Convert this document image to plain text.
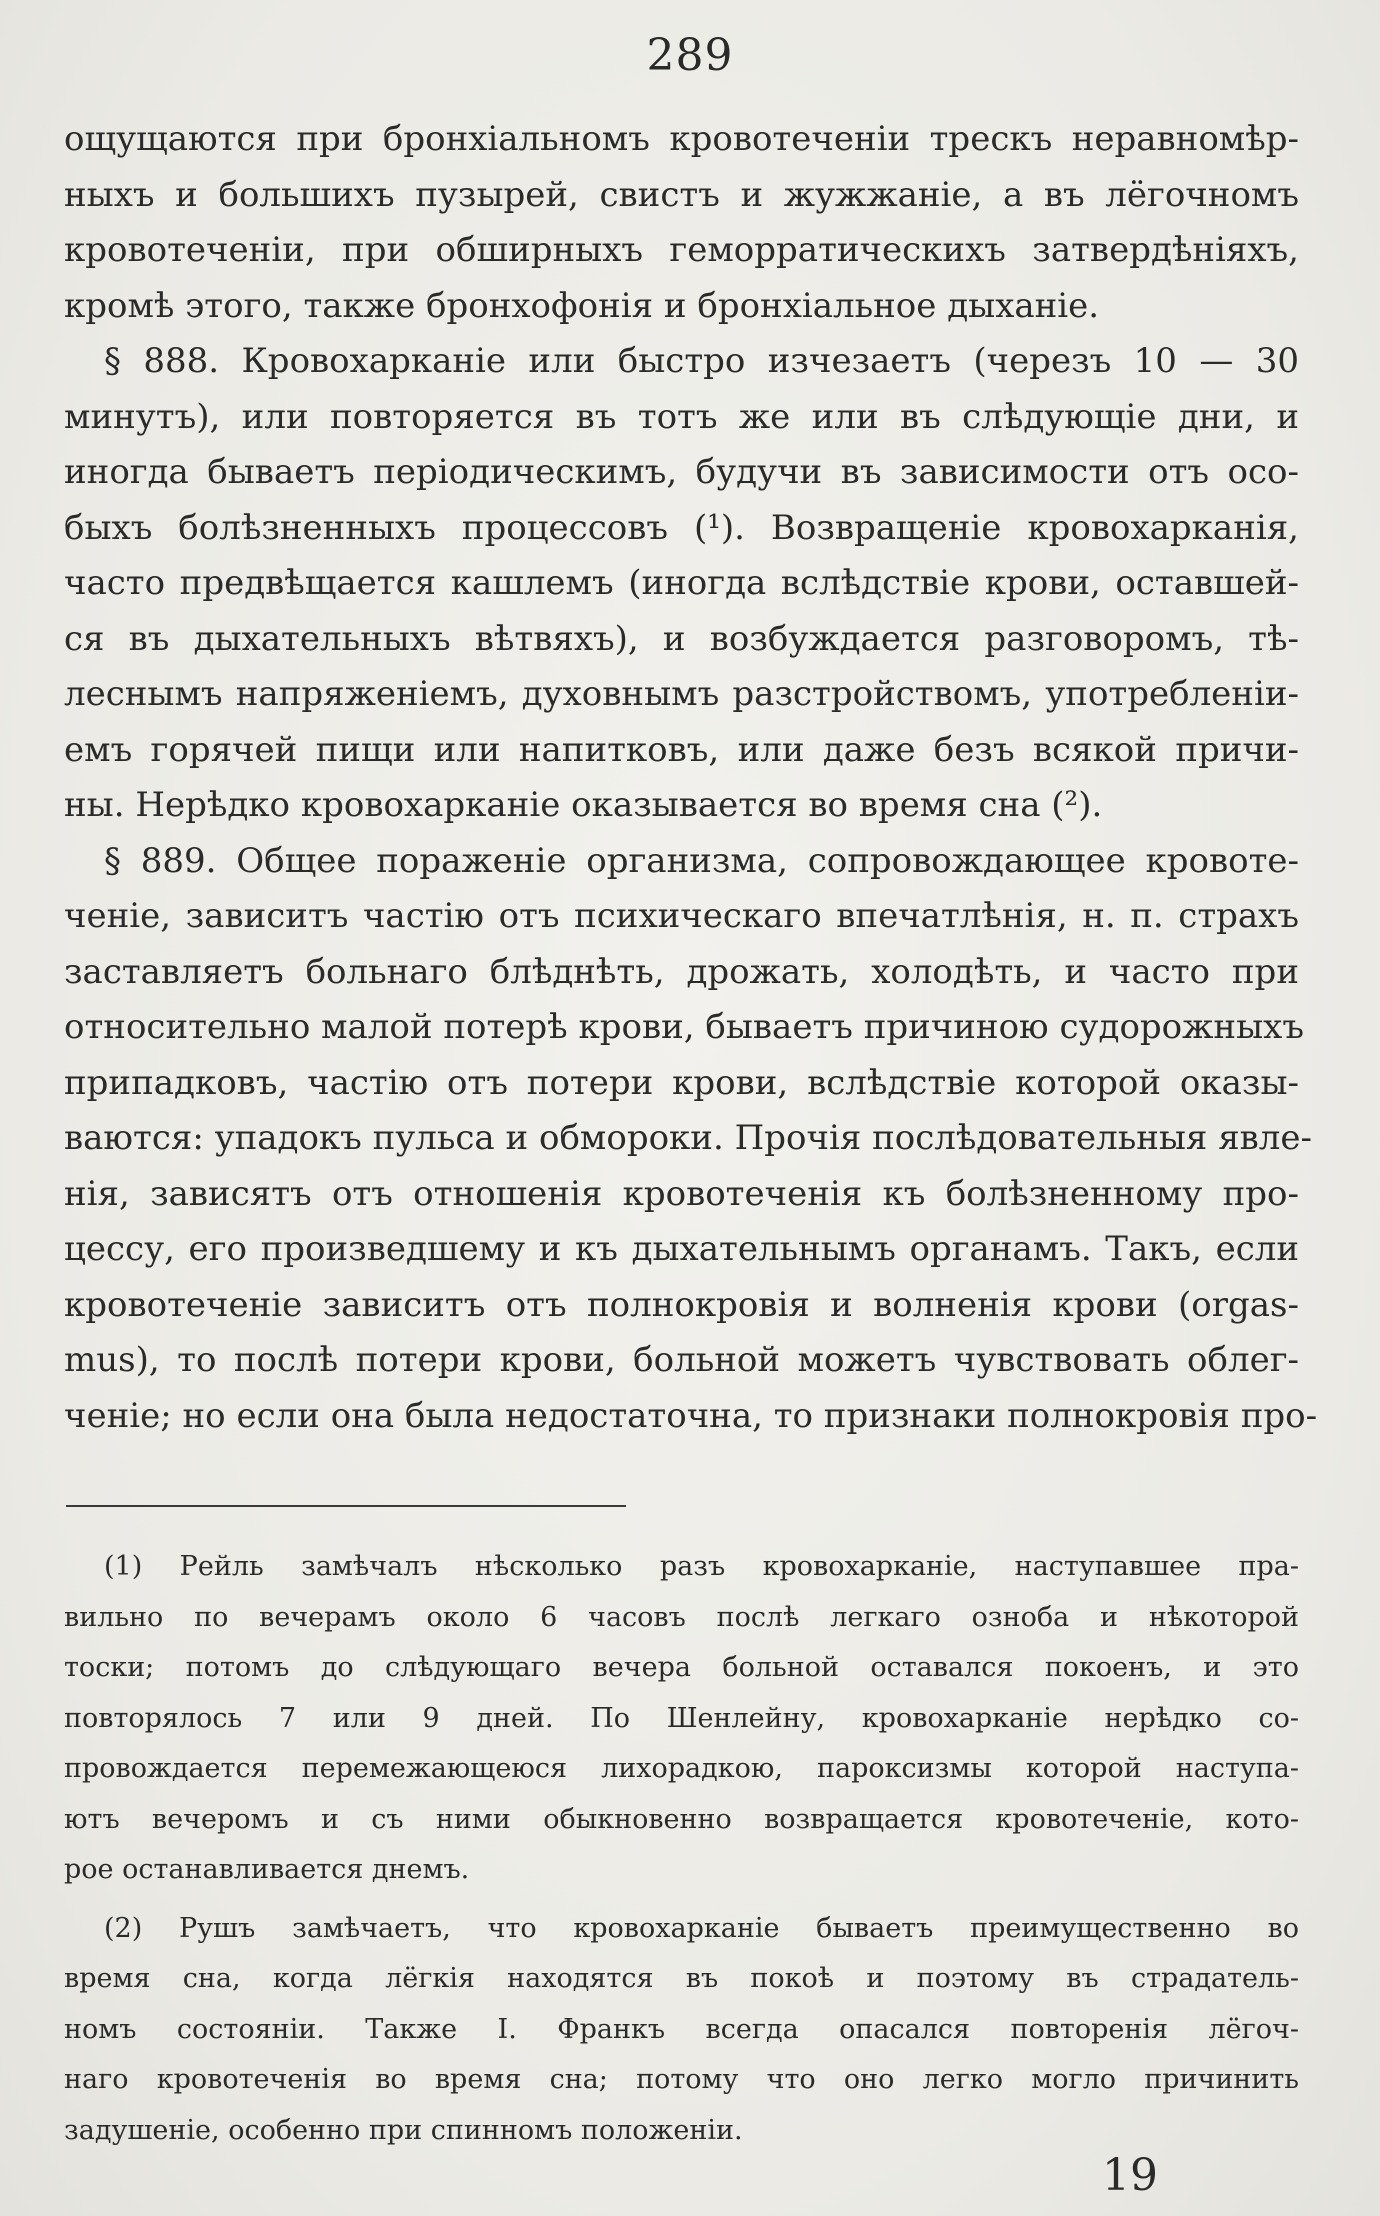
289
ощущаются при бронхіальномъ кровотеченіи трескъ неравномѣр-
ныхъ и большихъ пузырей, свистъ и жужжаніе, а въ лёгочномъ
кровотеченіи, при обширныхъ геморратическихъ затвердѣніяхъ,
кромѣ этого, также бронхофонія и бронхіальное дыханіе.
§ 888. Кровохарканіе или быстро изчезаетъ (черезъ 10 — 30
минутъ), или повторяется въ тотъ же или въ слѣдующіе дни, и
иногда бываетъ періодическимъ, будучи въ зависимости отъ осо-
быхъ болѣзненныхъ процессовъ (¹). Возвращеніе кровохарканія,
часто предвѣщается кашлемъ (иногда вслѣдствіе крови, оставшей-
ся въ дыхательныхъ вѣтвяхъ), и возбуждается разговоромъ, тѣ-
леснымъ напряженіемъ, духовнымъ разстройствомъ, употребленіи-
емъ горячей пищи или напитковъ, или даже безъ всякой причи-
ны. Нерѣдко кровохарканіе оказывается во время сна (²).
§ 889. Общее пораженіе организма, сопровождающее кровоте-
ченіе, зависитъ частію отъ психическаго впечатлѣнія, н. п. страхъ
заставляетъ больнаго блѣднѣть, дрожать, холодѣть, и часто при
относительно малой потерѣ крови, бываетъ причиною судорожныхъ
припадковъ, частію отъ потери крови, вслѣдствіе которой оказы-
ваются: упадокъ пульса и обмороки. Прочія послѣдовательныя явле-
нія, зависятъ отъ отношенія кровотеченія къ болѣзненному про-
цессу, его произведшему и къ дыхательнымъ органамъ. Такъ, если
кровотеченіе зависитъ отъ полнокровія и волненія крови (orgas-
mus), то послѣ потери крови, больной можетъ чувствовать облег-
ченіе; но если она была недостаточна, то признаки полнокровія про-
(1) Рейль замѣчалъ нѣсколько разъ кровохарканіе, наступавшее пра-
вильно по вечерамъ около 6 часовъ послѣ легкаго озноба и нѣкоторой
тоски; потомъ до слѣдующаго вечера больной оставался покоенъ, и это
повторялось 7 или 9 дней. По Шенлейну, кровохарканіе нерѣдко со-
провождается перемежающеюся лихорадкою, пароксизмы которой наступа-
ютъ вечеромъ и съ ними обыкновенно возвращается кровотеченіе, кото-
рое останавливается днемъ.
(2) Рушъ замѣчаетъ, что кровохарканіе бываетъ преимущественно во
время сна, когда лёгкія находятся въ покоѣ и поэтому въ страдатель-
номъ состояніи. Также І. Франкъ всегда опасался повторенія лёгоч-
наго кровотеченія во время сна; потому что оно легко могло причинить
задушеніе, особенно при спинномъ положеніи.
19
